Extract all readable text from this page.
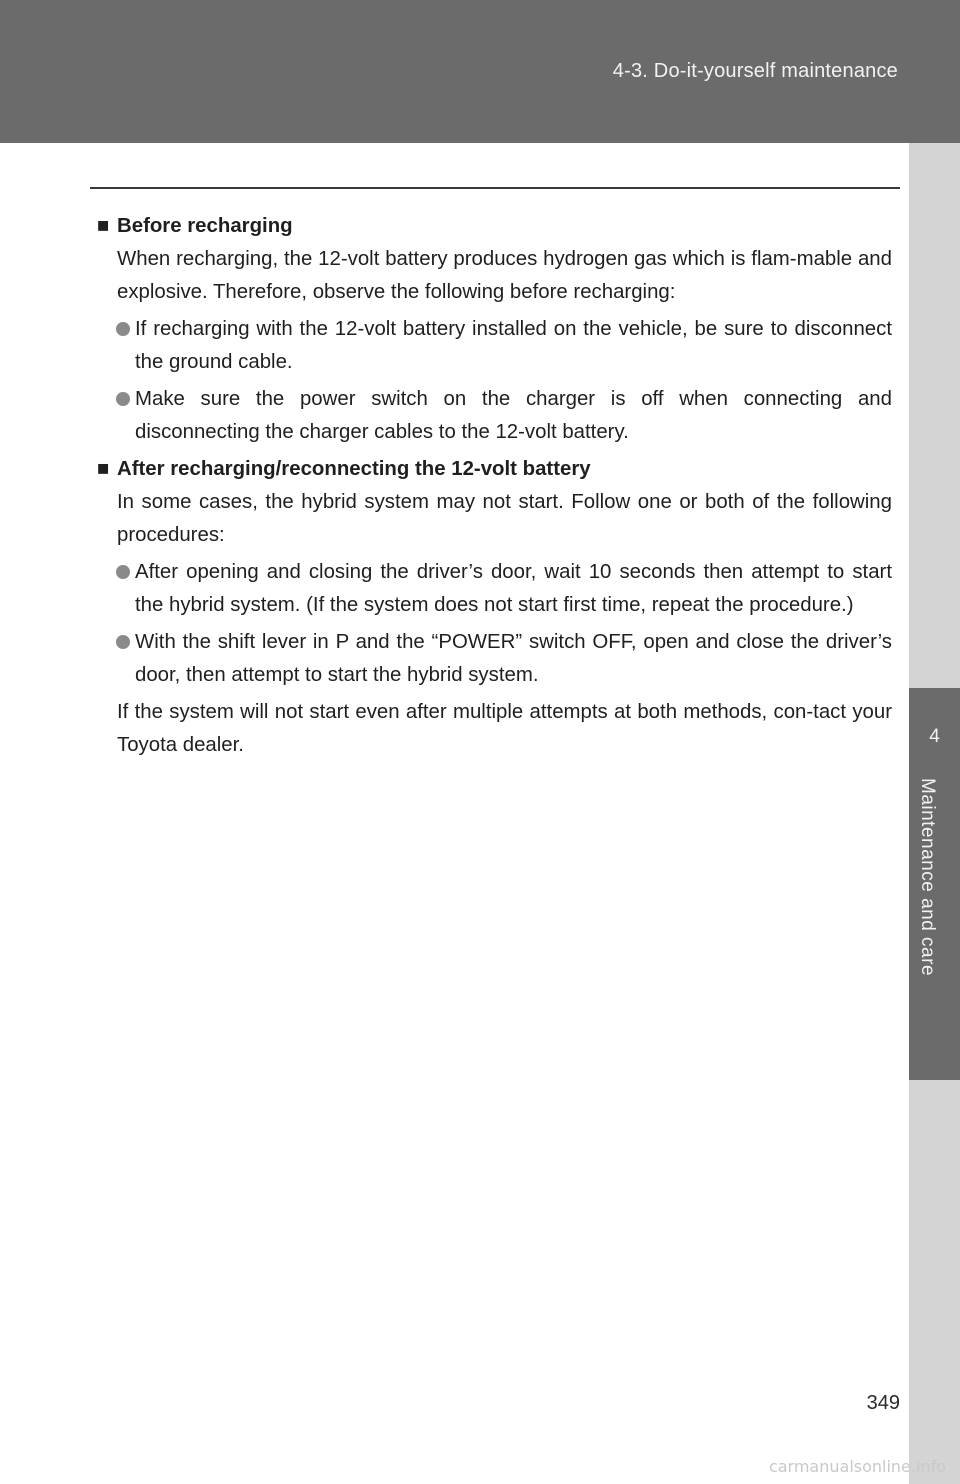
4-3. Do-it-yourself maintenance
4
Maintenance and care

■ Before recharging

When recharging, the 12-volt battery produces hydrogen gas which is flam-mable and explosive. Therefore, observe the following before recharging:

If recharging with the 12-volt battery installed on the vehicle, be sure to disconnect the ground cable.

Make sure the power switch on the charger is off when connecting and disconnecting the charger cables to the 12-volt battery.

■ After recharging/reconnecting the 12-volt battery

In some cases, the hybrid system may not start. Follow one or both of the following procedures:

After opening and closing the driver’s door, wait 10 seconds then attempt to start the hybrid system. (If the system does not start first time, repeat the procedure.)

With the shift lever in P and the “POWER” switch OFF, open and close the driver’s door, then attempt to start the hybrid system.

If the system will not start even after multiple attempts at both methods, con-tact your Toyota dealer.

349
carmanualsonline.info
